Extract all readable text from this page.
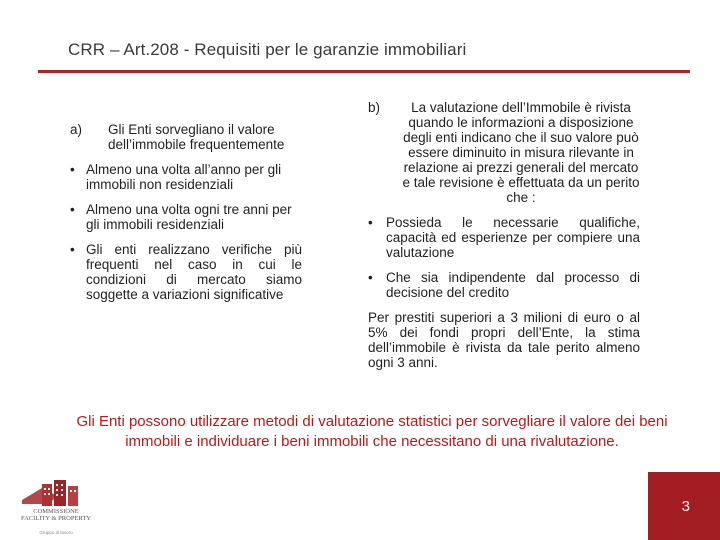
CRR – Art.208 - Requisiti per le garanzie immobiliari
a)	Gli Enti sorvegliano il valore dell’immobile frequentemente
• Almeno una volta all’anno per gli immobili non residenziali
• Almeno una volta ogni tre anni per gli immobili residenziali
• Gli enti realizzano verifiche più frequenti nel caso in cui le condizioni di mercato siamo soggette a variazioni significative
b)	La valutazione dell’Immobile è rivista quando le informazioni a disposizione degli enti indicano che il suo valore può essere diminuito in misura rilevante in relazione ai prezzi generali del mercato e tale revisione è effettuata da un perito che :
• Possieda le necessarie qualifiche, capacità ed esperienze per compiere una valutazione
• Che sia indipendente dal processo di decisione del credito
Per prestiti superiori a 3 milioni di euro o al 5% dei fondi propri dell’Ente, la stima dell’immobile è rivista da tale perito almeno ogni 3 anni.
Gli Enti possono utilizzare metodi di valutazione statistici per sorvegliare il valore dei beni immobili e individuare i beni immobili che necessitano di una rivalutazione.
COMMISSIONE
FACILITY & PROPERTY
Gruppo di lavoro
3
